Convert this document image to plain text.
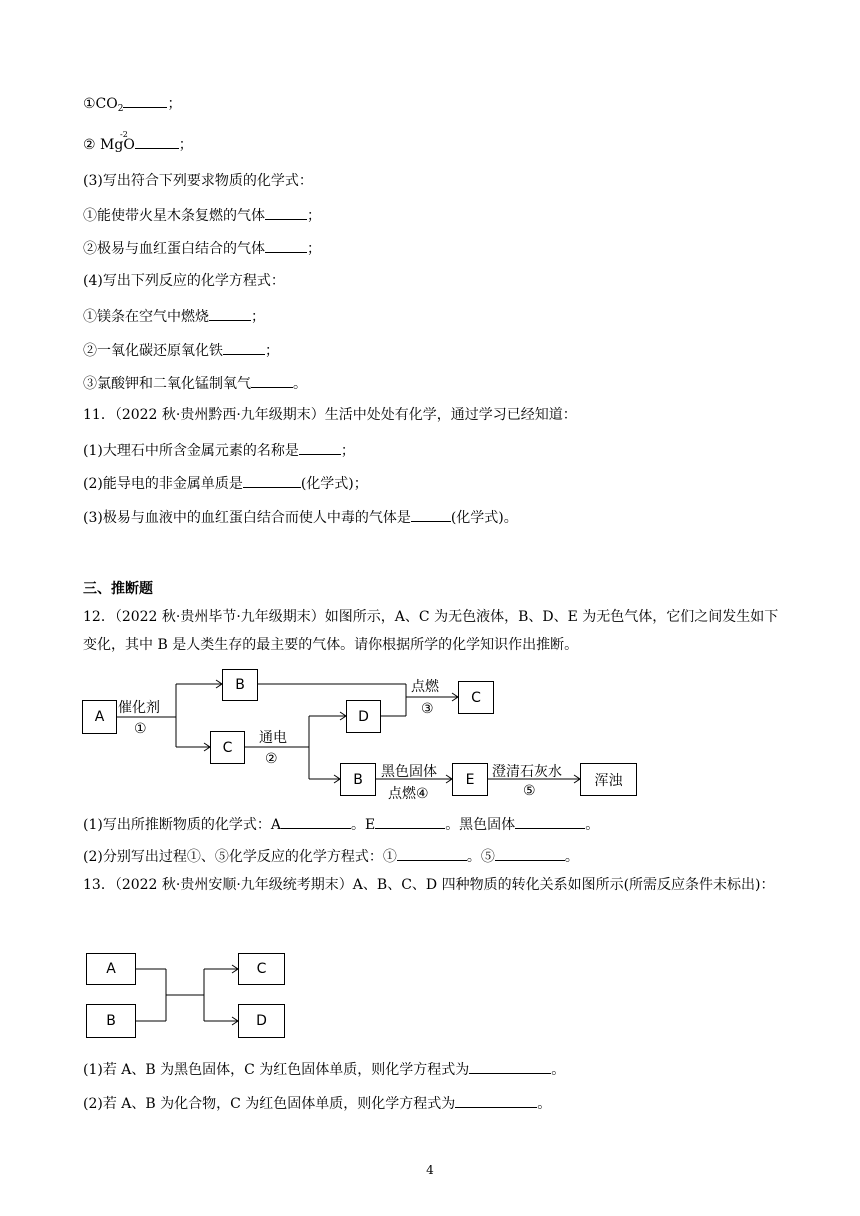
$①CO_2$	；
②
-2
MgO	；
(3)写出符合下列要求物质的化学式：
①能使带火星木条复燃的气体	；
②极易与血红蛋白结合的气体	；
(4)写出下列反应的化学方程式：
①镁条在空气中燃烧	；
②一氧化碳还原氧化铁	；
③氯酸钾和二氧化锰制氧气	。
11．（2022 秋·贵州黔西·九年级期末）生活中处处有化学，通过学习已经知道：
(1)大理石中所含金属元素的名称是	；
(2)能导电的非金属单质是	(化学式)；
(3)极易与血液中的血红蛋白结合而使人中毒的气体是	(化学式)。
三、推断题
12．（2022 秋·贵州毕节·九年级期末）如图所示，A、C 为无色液体，B、D、E 为无色气体，它们之间发生如下变化，其中 B 是人类生存的最主要的气体。请你根据所学的化学知识作出推断。
A
B
C
D
C
B	E	浑浊
催化剂
①
通电
②
点燃
③
黑色固体
点燃④
澄清石灰水
⑤
A
B
C
D
(1)写出所推断物质的化学式：A	。E	。黑色固体	。
(2)分别写出过程①、⑤化学反应的化学方程式：①	。⑤	。
13．（2022 秋·贵州安顺·九年级统考期末）A、B、C、D 四种物质的转化关系如图所示(所需反应条件未标出)：
(1)若 A、B 为黑色固体，C 为红色固体单质，则化学方程式为	。
(2)若 A、B 为化合物，C 为红色固体单质，则化学方程式为	。
4
